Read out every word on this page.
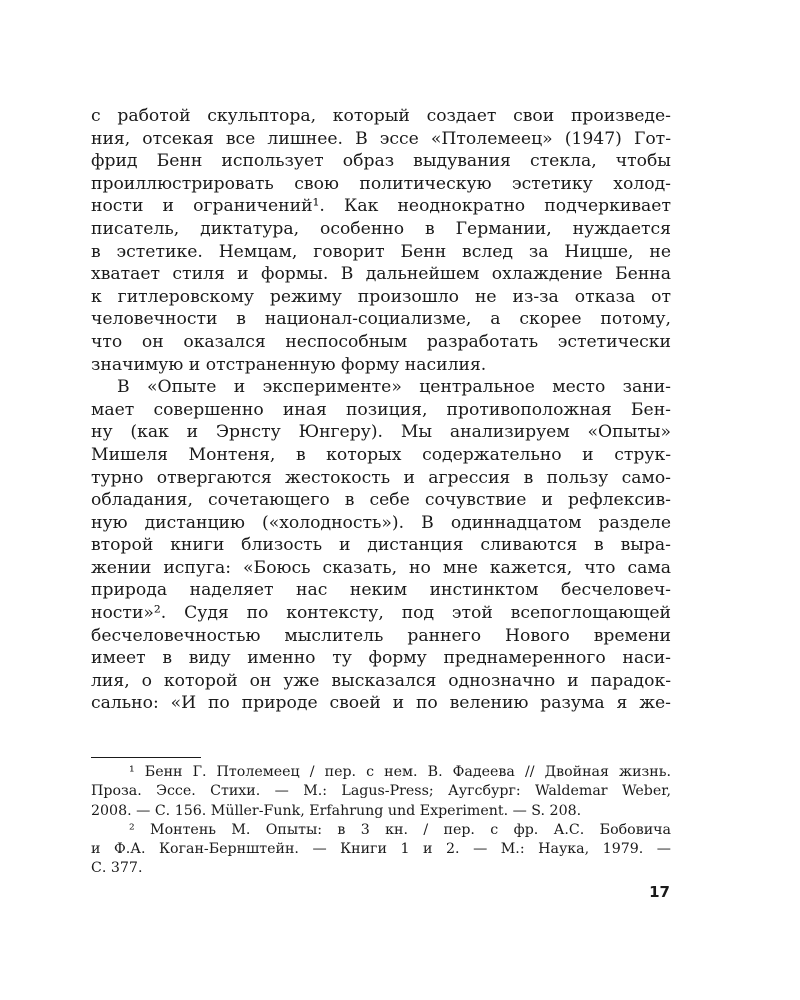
с работой скульптора, который создает свои произведе-
ния, отсекая все лишнее. В эссе «Птолемеец» (1947) Гот-
фрид Бенн использует образ выдувания стекла, чтобы
проиллюстрировать свою политическую эстетику холод-
ности и ограничений¹. Как неоднократно подчеркивает
писатель, диктатура, особенно в Германии, нуждается
в эстетике. Немцам, говорит Бенн вслед за Ницше, не
хватает стиля и формы. В дальнейшем охлаждение Бенна
к гитлеровскому режиму произошло не из-за отказа от
человечности в национал-социализме, а скорее потому,
что он оказался неспособным разработать эстетически
значимую и отстраненную форму насилия.
В «Опыте и эксперименте» центральное место зани-
мает совершенно иная позиция, противоположная Бен-
ну (как и Эрнсту Юнгеру). Мы анализируем «Опыты»
Мишеля Монтеня, в которых содержательно и струк-
турно отвергаются жестокость и агрессия в пользу само-
обладания, сочетающего в себе сочувствие и рефлексив-
ную дистанцию («холодность»). В одиннадцатом разделе
второй книги близость и дистанция сливаются в выра-
жении испуга: «Боюсь сказать, но мне кажется, что сама
природа наделяет нас неким инстинктом бесчеловеч-
ности»². Судя по контексту, под этой всепоглощающей
бесчеловечностью мыслитель раннего Нового времени
имеет в виду именно ту форму преднамеренного наси-
лия, о которой он уже высказался однозначно и парадок-
сально: «И по природе своей и по велению разума я же-
¹ Бенн Г. Птолемеец / пер. с нем. В. Фадеева // Двойная жизнь.
Проза. Эссе. Стихи. — М.: Lagus-Press; Аугсбург: Waldemar Weber,
2008. — С. 156. Müller-Funk, Erfahrung und Experiment. — S. 208.
² Монтень М. Опыты: в 3 кн. / пер. с фр. А.С. Бобовича
и Ф.А. Коган-Бернштейн. — Книги 1 и 2. — М.: Наука, 1979. —
С. 377.
17
